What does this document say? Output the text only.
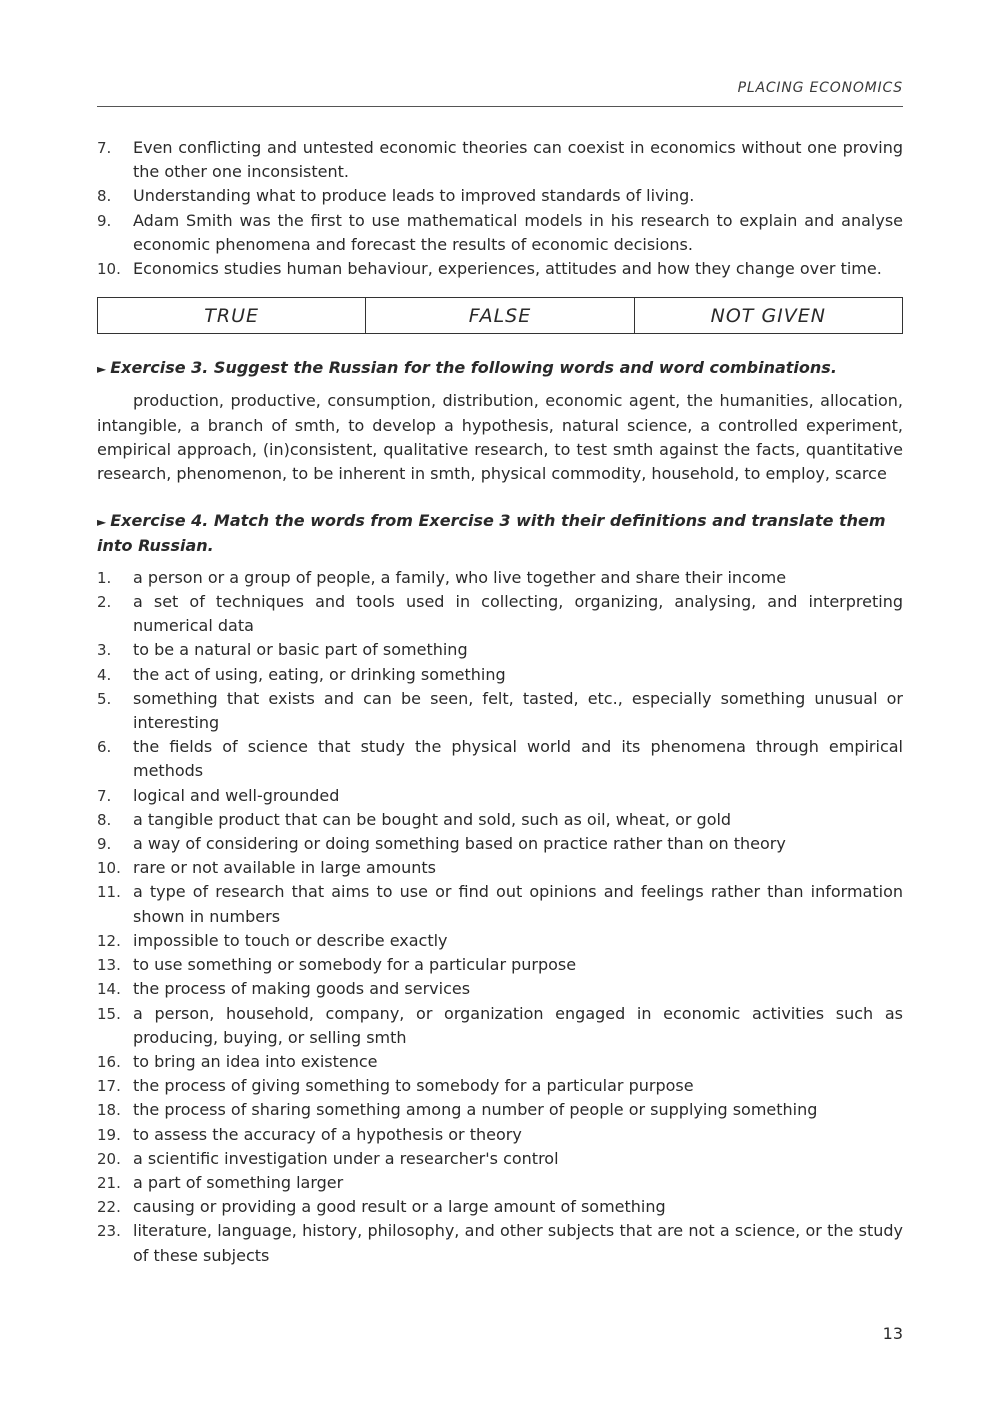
PLACING ECONOMICS
7.	Even conflicting and untested economic theories can coexist in economics without one proving the other one inconsistent.
8.	Understanding what to produce leads to improved standards of living.
9.	Adam Smith was the first to use mathematical models in his research to explain and analyse economic phenomena and forecast the results of economic decisions.
10. Economics studies human behaviour, experiences, attitudes and how they change over time.
TRUE	FALSE	NOT GIVEN
► Exercise 3. Suggest the Russian for the following words and word combinations.

production, productive, consumption, distribution, economic agent, the humanities, allocation, intangible, a branch of smth, to develop a hypothesis, natural science, a controlled experiment, empirical approach, (in)consistent, qualitative research, to test smth against the facts, quantitative research, phenomenon, to be inherent in smth, physical commodity, household, to employ, scarce

► Exercise 4. Match the words from Exercise 3 with their definitions and translate them into Russian.
1.	a person or a group of people, a family, who live together and share their income
2.	a set of techniques and tools used in collecting, organizing, analysing, and interpreting numerical data
3.	to be a natural or basic part of something
4.	the act of using, eating, or drinking something
5.	something that exists and can be seen, felt, tasted, etc., especially something unusual or interesting
6.	the fields of science that study the physical world and its phenomena through empirical methods
7.	logical and well-grounded
8.	a tangible product that can be bought and sold, such as oil, wheat, or gold
9.	a way of considering or doing something based on practice rather than on theory
10. rare or not available in large amounts
11. a type of research that aims to use or find out opinions and feelings rather than information shown in numbers
12. impossible to touch or describe exactly
13. to use something or somebody for a particular purpose
14. the process of making goods and services
15. a person, household, company, or organization engaged in economic activities such as producing, buying, or selling smth
16. to bring an idea into existence
17. the process of giving something to somebody for a particular purpose
18. the process of sharing something among a number of people or supplying something
19. to assess the accuracy of a hypothesis or theory
20. a scientific investigation under a researcher's control
21. a part of something larger
22. causing or providing a good result or a large amount of something
23. literature, language, history, philosophy, and other subjects that are not a science, or the study of these subjects
13
